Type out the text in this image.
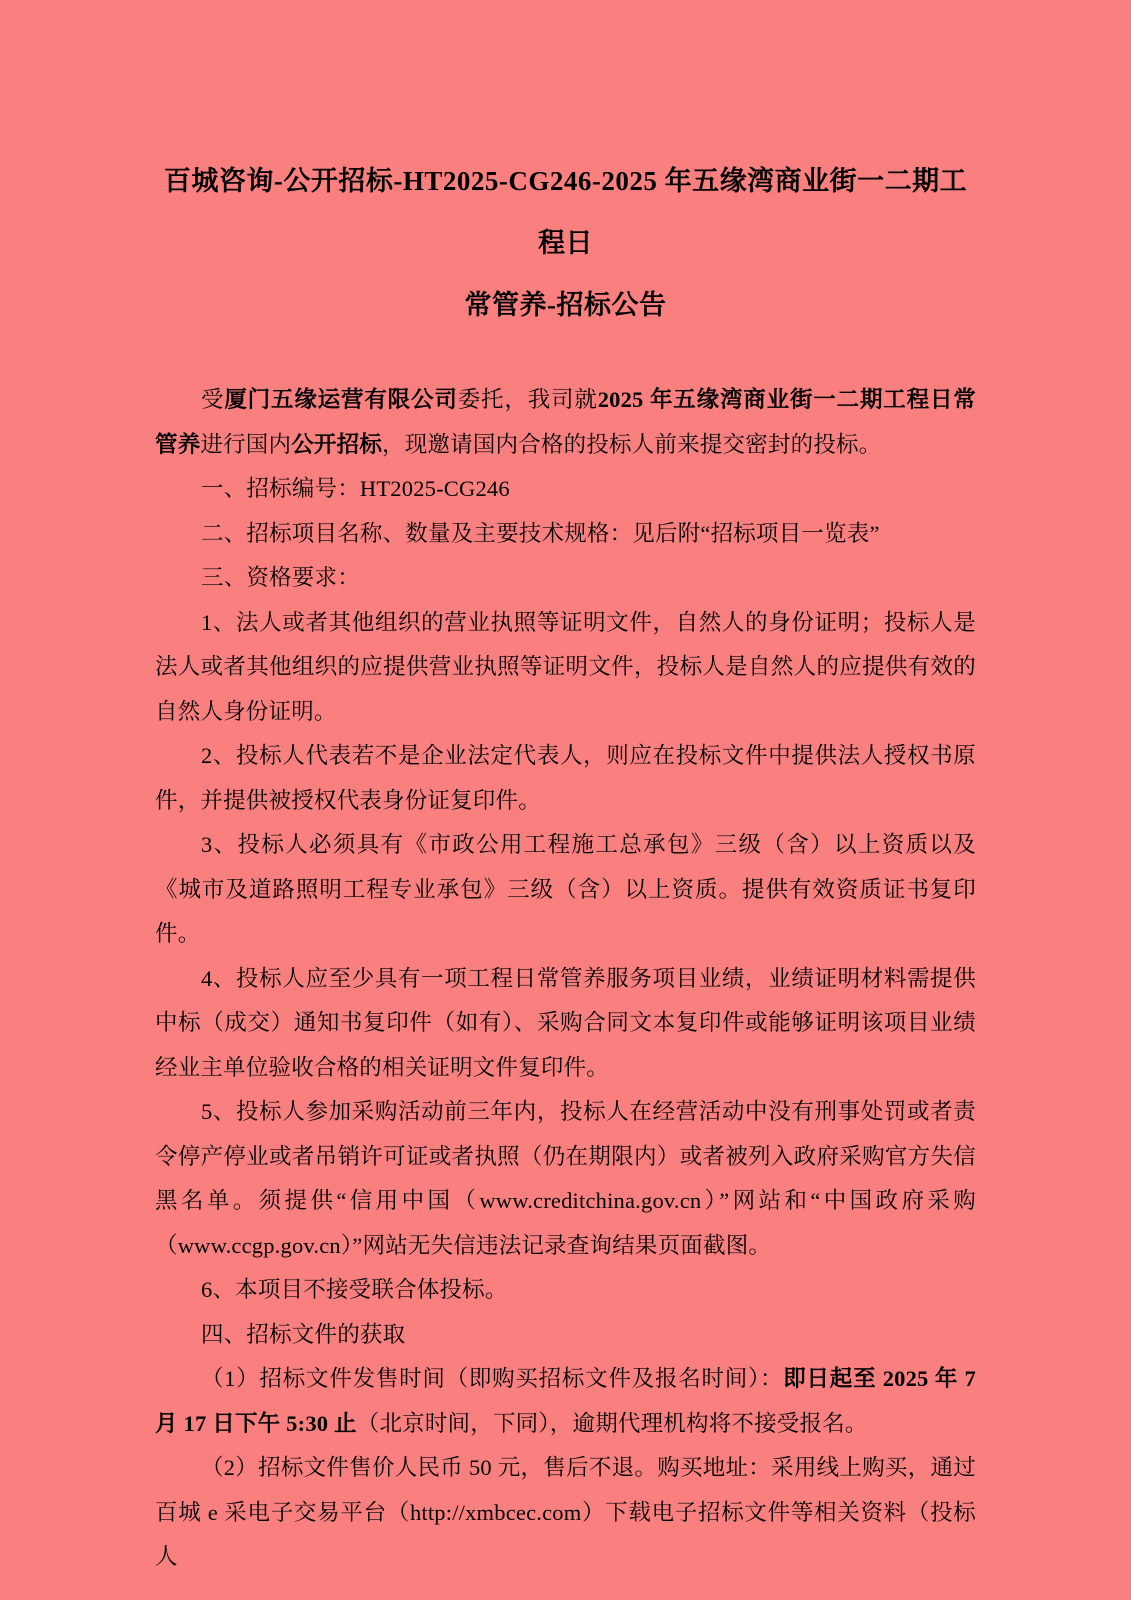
百城咨询-公开招标-HT2025-CG246-2025 年五缘湾商业街一二期工程日
常管养-招标公告

受厦门五缘运营有限公司委托，我司就2025 年五缘湾商业街一二期工程日常管养进行国内公开招标，现邀请国内合格的投标人前来提交密封的投标。

一、招标编号：HT2025-CG246

二、招标项目名称、数量及主要技术规格：见后附“招标项目一览表”

三、资格要求：

1、法人或者其他组织的营业执照等证明文件，自然人的身份证明；投标人是法人或者其他组织的应提供营业执照等证明文件，投标人是自然人的应提供有效的自然人身份证明。

2、投标人代表若不是企业法定代表人，则应在投标文件中提供法人授权书原件，并提供被授权代表身份证复印件。

3、投标人必须具有《市政公用工程施工总承包》三级（含）以上资质以及《城市及道路照明工程专业承包》三级（含）以上资质。提供有效资质证书复印件。

4、投标人应至少具有一项工程日常管养服务项目业绩，业绩证明材料需提供中标（成交）通知书复印件（如有）、采购合同文本复印件或能够证明该项目业绩经业主单位验收合格的相关证明文件复印件。

5、投标人参加采购活动前三年内，投标人在经营活动中没有刑事处罚或者责令停产停业或者吊销许可证或者执照（仍在期限内）或者被列入政府采购官方失信黑名单。须提供“信用中国（www.creditchina.gov.cn）”网站和“中国政府采购（www.ccgp.gov.cn）”网站无失信违法记录查询结果页面截图。

6、本项目不接受联合体投标。

四、招标文件的获取

（1）招标文件发售时间（即购买招标文件及报名时间）：即日起至 2025 年 7 月 17 日下午 5:30 止（北京时间，下同），逾期代理机构将不接受报名。

（2）招标文件售价人民币 50 元，售后不退。购买地址：采用线上购买，通过百城 e 采电子交易平台（http://xmbcec.com）下载电子招标文件等相关资料（投标人
